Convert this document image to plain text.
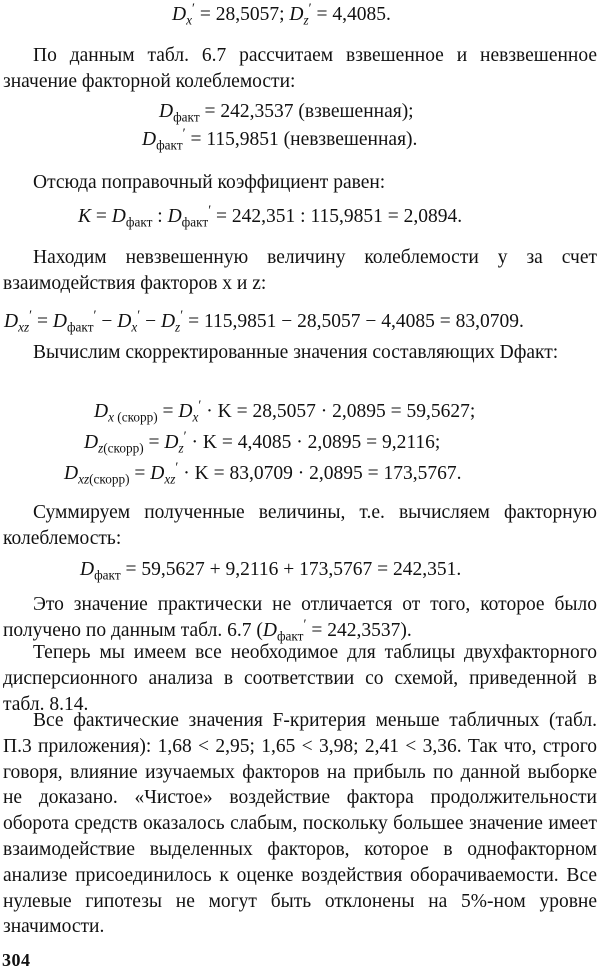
$D_x' = 28,5057$; $D_z' = 4,4085$.

По данным табл. 6.7 рассчитаем взвешенное и невзвешенное значение факторной колеблемости:

$D_{факт} = 242,3537$ (взвешенная);
$D_{факт}' = 115,9851$ (невзвешенная).

Отсюда поправочный коэффициент равен:

$K = D_{факт}$ : $D_{факт}' = 242,351$ : 115,9851 = 2,0894.

Находим невзвешенную величину колеблемости y за счет взаимодействия факторов x и z:

$D_{xz}' = D_{факт}' - D_x' - D_z' = 115,9851 - 28,5057 - 4,4085 = 83,0709$.

Вычислим скорректированные значения составляющих Dфакт:

$D_{x (скорр)} = D_x' \cdot K = 28,5057 \cdot 2,0895 = 59,5627$;
$D_{z(скорр)} = D_z' \cdot K = 4,4085 \cdot 2,0895 = 9,2116$;
$D_{xz(скорр)} = D_{xz}' \cdot K = 83,0709 \cdot 2,0895 = 173,5767$.

Суммируем полученные величины, т.е. вычисляем факторную колеблемость:

$D_{факт} = 59,5627 + 9,2116 + 173,5767 = 242,351$.

Это значение практически не отличается от того, которое было получено по данным табл. 6.7 $(D_{факт}' = 242,3537)$.

Теперь мы имеем все необходимое для таблицы двухфакторного дисперсионного анализа в соответствии со схемой, приведенной в табл. 8.14.

Все фактические значения F-критерия меньше табличных (табл. П.3 приложения): 1,68 < 2,95; 1,65 < 3,98; 2,41 < 3,36. Так что, строго говоря, влияние изучаемых факторов на прибыль по данной выборке не доказано. «Чистое» воздействие фактора продолжительности оборота средств оказалось слабым, поскольку большее значение имеет взаимодействие выделенных факторов, которое в однофакторном анализе присоединилось к оценке воздействия оборачиваемости. Все нулевые гипотезы не могут быть отклонены на 5%-ном уровне значимости.

304
